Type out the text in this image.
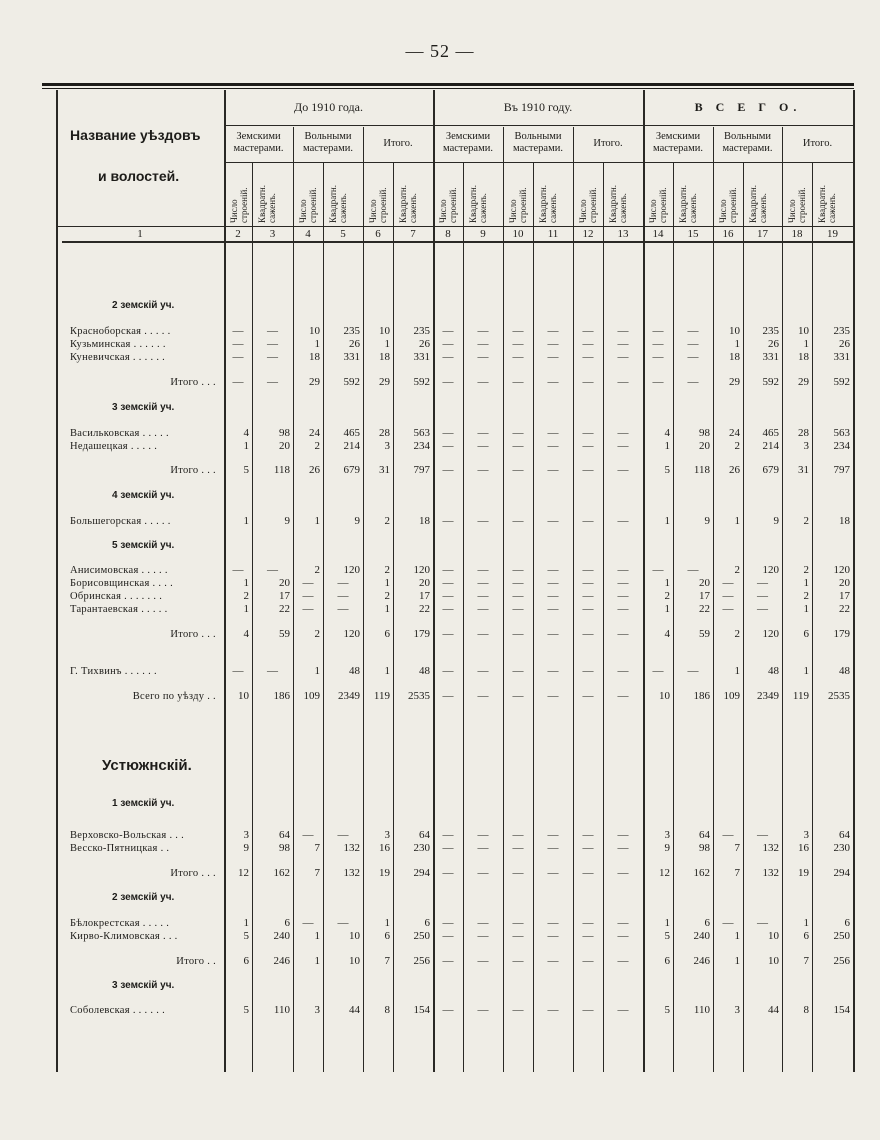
— 52 —
Название уѣздовъ
и волостей.
До 1910 года.
Земскими мастерами.
Число строеній. Квадратн. саженъ.
Вольными мастерами.
Число строеній. Квадратн. саженъ.
Итого.
Число строеній. Квадратн. саженъ.
Въ 1910 году.
Земскими мастерами.
Число строеній. Квадратн. саженъ.
Вольными мастерами.
Число строеній. Квадратн. саженъ.
Итого.
Число строеній. Квадратн. саженъ.
В С Е Г О.
Земскими мастерами.
Число строеній. Квадратн. саженъ.
Вольными мастерами.
Число строеній. Квадратн. саженъ.
Итого.
Число строеній. Квадратн. саженъ.
1	2	3	4	5	6	7	8	9	10	11	12	13	14	15	16	17	18	19
2 земскій уч.
Красноборская . . . . .	—	—	10	235	10	235	—	—	—	—	—	—	—	—	10	235	10	235
Кузьминская . . . . . .	—	—	1	26	1	26	—	—	—	—	—	—	—	—	1	26	1	26
Куневичская . . . . . .	—	—	18	331	18	331	—	—	—	—	—	—	—	—	18	331	18	331
Итого . . .	—	—	29	592	29	592	—	—	—	—	—	—	—	—	29	592	29	592
3 земскій уч.
Васильковская . . . . .	4	98	24	465	28	563	—	—	—	—	—	—	4	98	24	465	28	563
Недашецкая . . . . .	1	20	2	214	3	234	—	—	—	—	—	—	1	20	2	214	3	234
Итого . . .	5	118	26	679	31	797	—	—	—	—	—	—	5	118	26	679	31	797
4 земскій уч.
Большегорская . . . . .	1	9	1	9	2	18	—	—	—	—	—	—	1	9	1	9	2	18
5 земскій уч.
Анисимовская . . . . .	—	—	2	120	2	120	—	—	—	—	—	—	—	—	2	120	2	120
Борисовщинская . . . .	1	20	—	—	1	20	—	—	—	—	—	—	1	20	—	—	1	20
Обринская . . . . . . .	2	17	—	—	2	17	—	—	—	—	—	—	2	17	—	—	2	17
Тарантаевская . . . . .	1	22	—	—	1	22	—	—	—	—	—	—	1	22	—	—	1	22
Итого . . .	4	59	2	120	6	179	—	—	—	—	—	—	4	59	2	120	6	179
Г. Тихвинъ . . . . . .	—	—	1	48	1	48	—	—	—	—	—	—	—	—	1	48	1	48
Всего по уѣзду . .	10	186	109	2349	119	2535	—	—	—	—	—	—	10	186	109	2349	119	2535
Устюжнскій.
1 земскій уч.
Верховско-Вольская . . .	3	64	—	—	3	64	—	—	—	—	—	—	3	64	—	—	3	64
Весско-Пятницкая . .	9	98	7	132	16	230	—	—	—	—	—	—	9	98	7	132	16	230
Итого . . .	12	162	7	132	19	294	—	—	—	—	—	—	12	162	7	132	19	294
2 земскій уч.
Бѣлокрестская . . . . .	1	6	—	—	1	6	—	—	—	—	—	—	1	6	—	—	1	6
Кирво-Климовская . . .	5	240	1	10	6	250	—	—	—	—	—	—	5	240	1	10	6	250
Итого . .	6	246	1	10	7	256	—	—	—	—	—	—	6	246	1	10	7	256
3 земскій уч.
Соболевская . . . . . .	5	110	3	44	8	154	—	—	—	—	—	—	5	110	3	44	8	154
